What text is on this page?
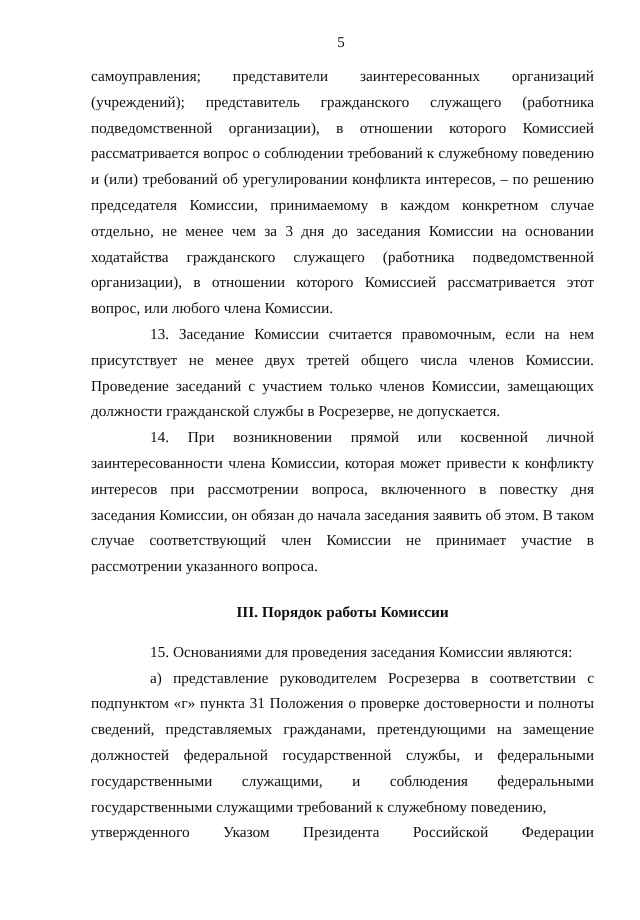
5

самоуправления; представители заинтересованных организаций (учреждений); представитель гражданского служащего (работника подведомственной организации), в отношении которого Комиссией рассматривается вопрос о соблюдении требований к служебному поведению и (или) требований об урегулировании конфликта интересов, – по решению председателя Комиссии, принимаемому в каждом конкретном случае отдельно, не менее чем за 3 дня до заседания Комиссии на основании ходатайства гражданского служащего (работника подведомственной организации), в отношении которого Комиссией рассматривается этот вопрос, или любого члена Комиссии.

13. Заседание Комиссии считается правомочным, если на нем присутствует не менее двух третей общего числа членов Комиссии. Проведение заседаний с участием только членов Комиссии, замещающих должности гражданской службы в Росрезерве, не допускается.

14. При возникновении прямой или косвенной личной заинтересованности члена Комиссии, которая может привести к конфликту интересов при рассмотрении вопроса, включенного в повестку дня заседания Комиссии, он обязан до начала заседания заявить об этом. В таком случае соответствующий член Комиссии не принимает участие в рассмотрении указанного вопроса.

III. Порядок работы Комиссии

15. Основаниями для проведения заседания Комиссии являются:

а) представление руководителем Росрезерва в соответствии с подпунктом «г» пункта 31 Положения о проверке достоверности и полноты сведений, представляемых гражданами, претендующими на замещение должностей федеральной государственной службы, и федеральными государственными служащими, и соблюдения федеральными государственными служащими требований к служебному поведению,

утвержденного Указом Президента Российской Федерации
